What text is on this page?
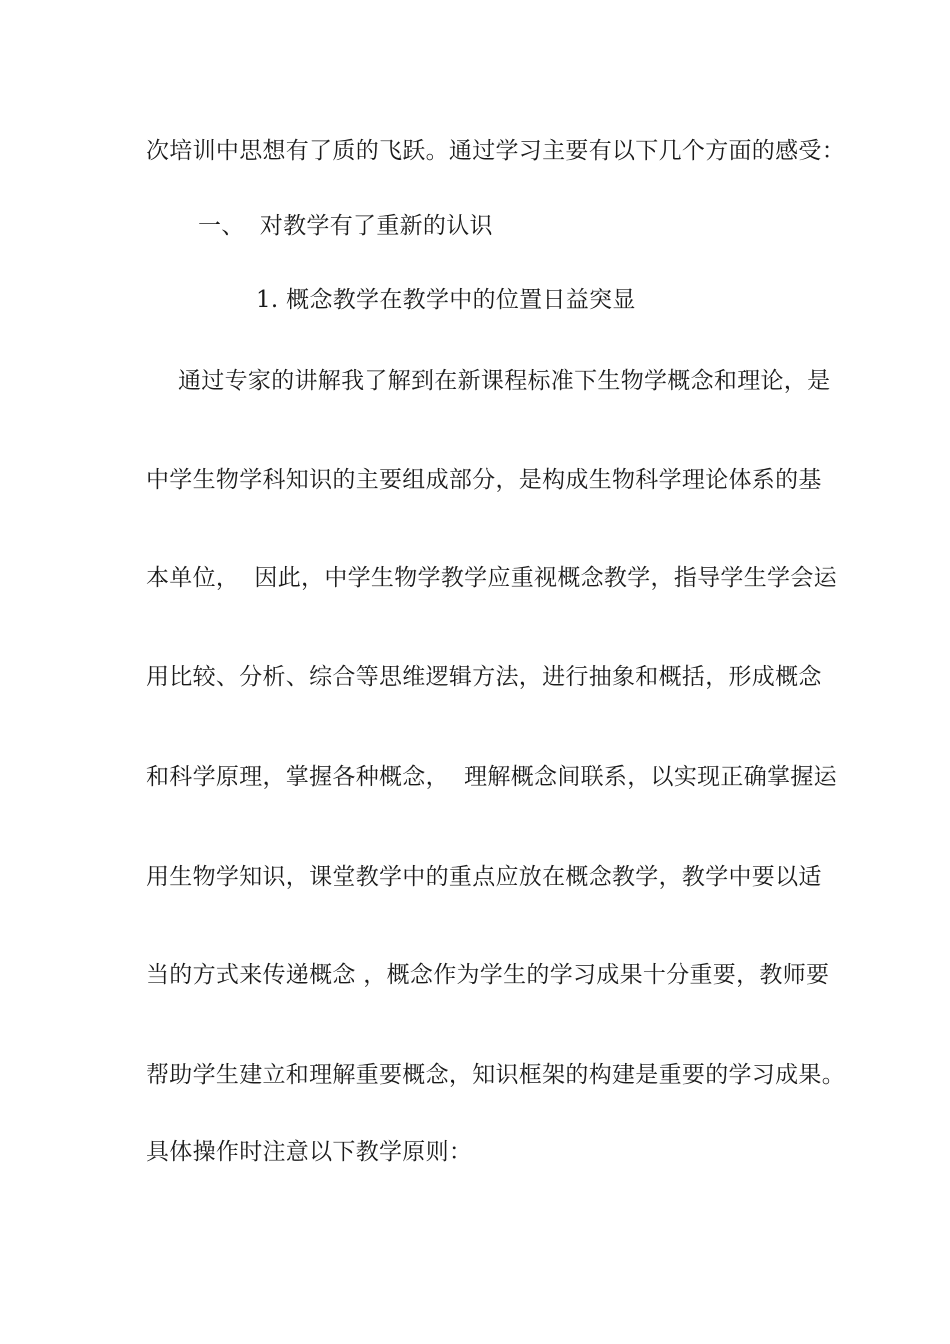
次培训中思想有了质的飞跃。通过学习主要有以下几个方面的感受：
一、  对教学有了重新的认识
1. 概念教学在教学中的位置日益突显
通过专家的讲解我了解到在新课程标准下生物学概念和理论，是
中学生物学科知识的主要组成部分，是构成生物科学理论体系的基
本单位，  因此，中学生物学教学应重视概念教学，指导学生学会运
用比较、分析、综合等思维逻辑方法，进行抽象和概括，形成概念
和科学原理，掌握各种概念，  理解概念间联系，以实现正确掌握运
用生物学知识，课堂教学中的重点应放在概念教学，教学中要以适
当的方式来传递概念 ，概念作为学生的学习成果十分重要，教师要
帮助学生建立和理解重要概念，知识框架的构建是重要的学习成果。
具体操作时注意以下教学原则：
